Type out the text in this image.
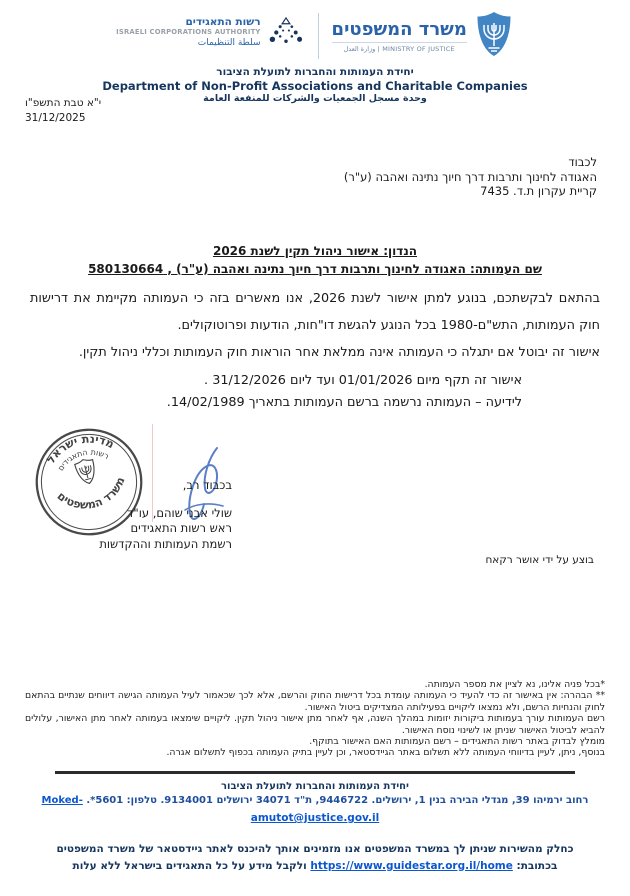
משרד המשפטים
MINISTRY OF JUSTICE | وزارة العدل
רשות התאגידים
ISRAELI CORPORATIONS AUTHORITY
سلطة التنظيمات
יחידת העמותות והחברות לתועלת הציבור
Department of Non-Profit Associations and Charitable Companies
وحدة مسجل الجمعيات والشركات للمنفعة العامة
י"א טבת התשפ"ו
31/12/2025
לכבוד
האגודה לחינוך ותרבות דרך חיוך נתינה ואהבה (ע"ר)
קריית עקרון ת.ד. 7435
הנדון: אישור ניהול תקין לשנת 2026
שם העמותה: האגודה לחינוך ותרבות דרך חיוך נתינה ואהבה (ע"ר) , 580130664
בהתאם לבקשתכם, בנוגע למתן אישור לשנת 2026, אנו מאשרים בזה כי העמותה מקיימת את דרישות חוק העמותות, התש"ם-1980 בכל הנוגע להגשת דו"חות, הודעות ופרוטוקולים.
אישור זה יבוטל אם יתגלה כי העמותה אינה ממלאת אחר הוראות חוק העמותות וכללי ניהול תקין.
אישור זה תקף מיום 01/01/2026 ועד ליום 31/12/2026 .
לידיעה – העמותה נרשמה ברשם העמותות בתאריך 14/02/1989.
מדינת ישראל
רשות התאגידים
משרד המשפטים	בכבוד רב,
שולי אבני שוהם, עו"ד
ראש רשות התאגידים
רשמת העמותות וההקדשות
בוצע על ידי אושר רקאח

*בכל פניה אלינו, נא לציין את מספר העמותה.

** הבהרה: אין באישור זה כדי להעיד כי העמותה עומדת בכל דרישות החוק והרשם, אלא לכך שכאמור לעיל העמותה הגישה דיווחים שנתיים בהתאם לחוק והנחיות הרשם, ולא נמצאו ליקויים בפעילותה המצדיקים ביטול האישור.

רשם העמותות עורך בעמותות ביקורות יזומות במהלך השנה, אף לאחר מתן אישור ניהול תקין. ליקויים שימצאו בעמותה לאחר מתן האישור, עלולים להביא לביטול האישור שניתן או לשינוי נוסח האישור.

מומלץ לבדוק באתר רשות התאגידים – רשם העמותות האם האישור בתוקף.

בנוסף, ניתן, לעיין בדיווחי העמותה ללא תשלום באתר הגיידסטאר, וכן לעיין בתיק העמותה בכפוף לתשלום אגרה.

יחידת העמותות והחברות לתועלת הציבור
רחוב ירמיהו 39, מגדלי הבירה בנין 1, ירושלים. 9446722, ת"ד 34071 ירושלים 9134001. טלפון: 5601*. Moked-
amutot@justice.gov.il
כחלק מהשירות שניתן לך במשרד המשפטים אנו מזמינים אותך להיכנס לאתר גיידסטאר של משרד המשפטים
בכתובת: https://www.guidestar.org.il/home ולקבל מידע על כל התאגידים בישראל ללא עלות
